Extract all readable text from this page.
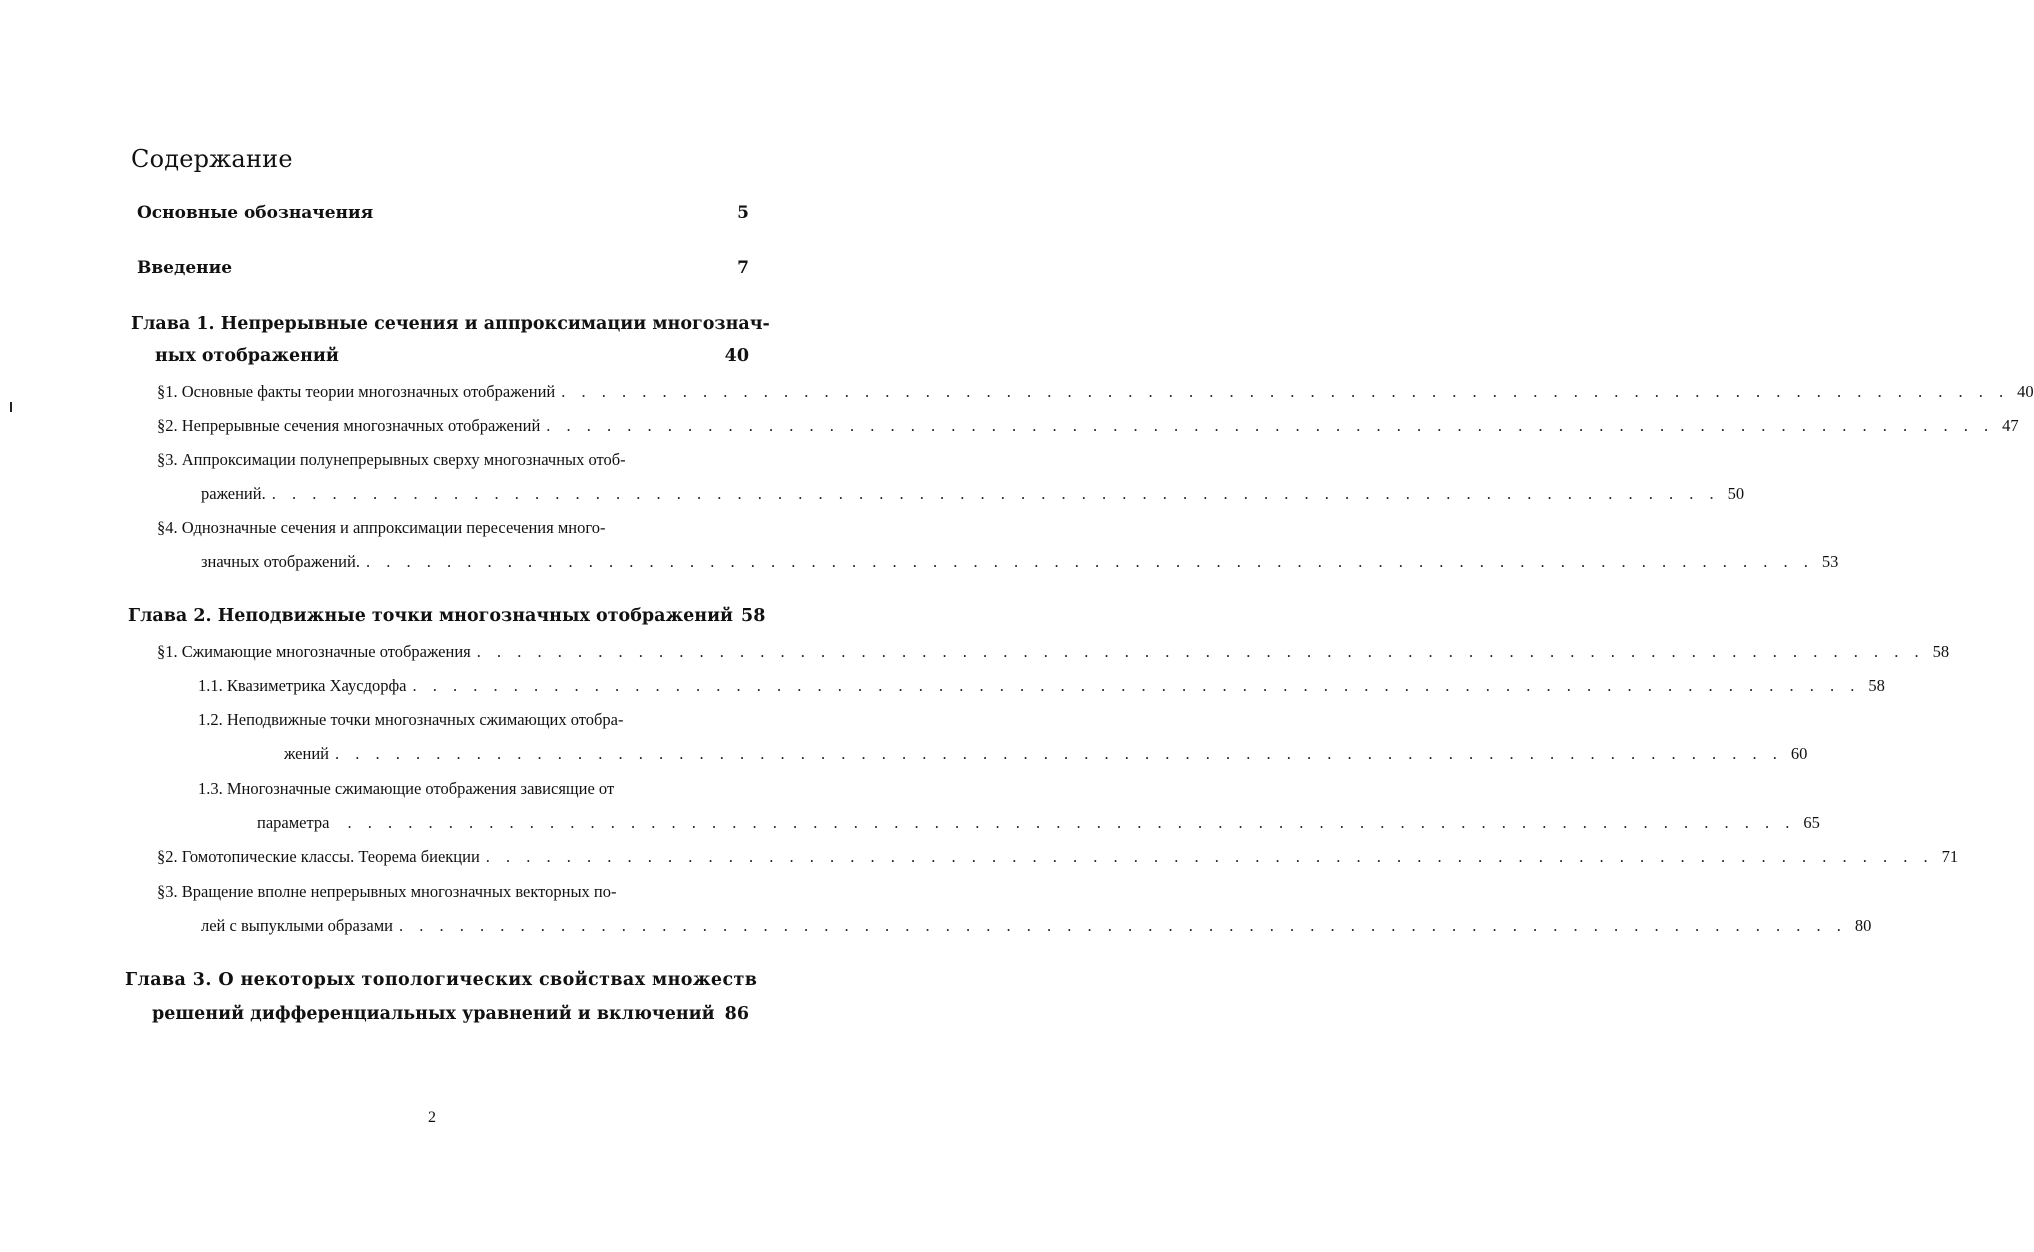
Содержание
Основные обозначения	5
Введение	7
Глава 1. Непрерывные сечения и аппроксимации многознач-
ных отображений	40
§1. Основные факты теории многозначных отображений . . .	40
§2. Непрерывные сечения многозначных отображений . . .	47
§3. Аппроксимации полунепрерывных сверху многозначных отоб-
ражений. . . .	50
§4. Однозначные сечения и аппроксимации пересечения много-
значных отображений. . . .	53
Глава 2. Неподвижные точки многозначных отображений 58
§1. Сжимающие многозначные отображения . . .	58
1.1. Квазиметрика Хаусдорфа . . .	58
1.2. Неподвижные точки многозначных сжимающих отобра-
жений . . .	60
1.3. Многозначные сжимающие отображения зависящие от
параметра . . .	65
§2. Гомотопические классы. Теорема биекции . . .	71
§3. Вращение вполне непрерывных многозначных векторных по-
лей с выпуклыми образами . . .	80
Глава 3. О некоторых топологических свойствах множеств
решений дифференциальных уравнений и включений 86
2
